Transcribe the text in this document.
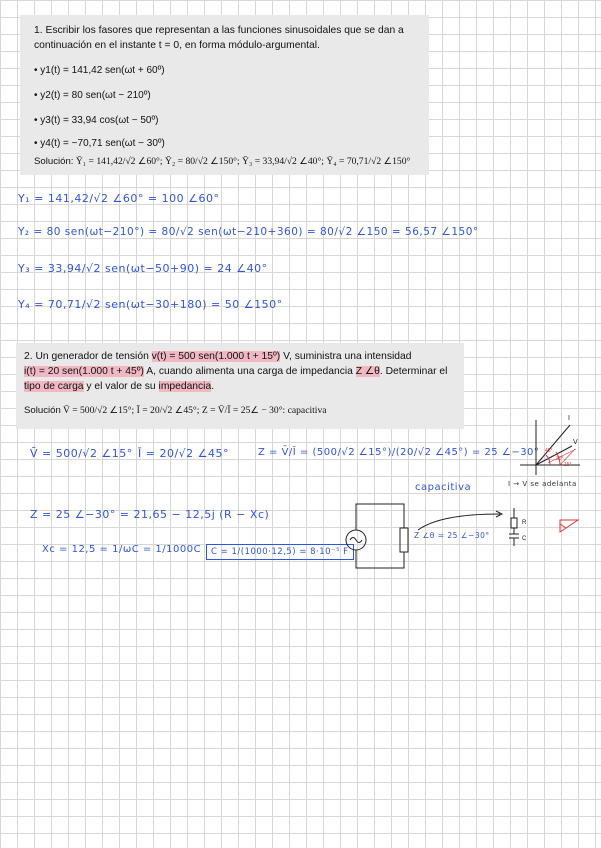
1. Escribir los fasores que representan a las funciones sinusoidales que se dan a continuación en el instante t = 0, en forma módulo-argumental.

• y1(t) = 141,42 sen(ωt + 60º)

• y2(t) = 80 sen(ωt − 210º)

• y3(t) = 33,94 cos(ωt − 50º)

• y4(t) = −70,71 sen(ωt − 30º)

Solución: Ȳ₁ = 141,42/√2 ∠60°; Ȳ₂ = 80/√2 ∠150°; Ȳ₃ = 33,94/√2 ∠40°; Ȳ₄ = 70,71/√2 ∠150°
Y₁ = 141,42/√2 ∠60° = 100 ∠60°
Y₂ = 80 sen(ωt−210°) = 80/√2 sen(ωt−210+360) = 80/√2 ∠150 = 56,57 ∠150°
Y₃ = 33,94/√2 sen(ωt−50+90) = 24 ∠40°
Y₄ = 70,71/√2 sen(ωt−30+180) = 50 ∠150°

2. Un generador de tensión v(t) = 500 sen(1.000 t + 15º) V, suministra una intensidad

i(t) = 20 sen(1.000 t + 45º) A, cuando alimenta una carga de impedancia Z ∠θ. Determinar el

tipo de carga y el valor de su impedancia.

Solución V̄ = 500/√2 ∠15°; Ī = 20/√2 ∠45°; Z = V̄/Ī = 25∠ − 30°: capacitiva
V̄ = 500/√2 ∠15° Ī = 20/√2 ∠45°	Z = V̄/Ī = (500/√2 ∠15°)/(20/√2 ∠45°) = 25 ∠−30°
capacitiva	I → V se adelanta
Z = 25 ∠−30° = 21,65 − 12,5j (R − Xc)
Xc = 12,5 = 1/ωC = 1/1000C	C = 1/(1000·12,5) = 8·10⁻⁵ F
Z ∠θ = 25 ∠−30°
R
C
I
V
45°
30°
15°
